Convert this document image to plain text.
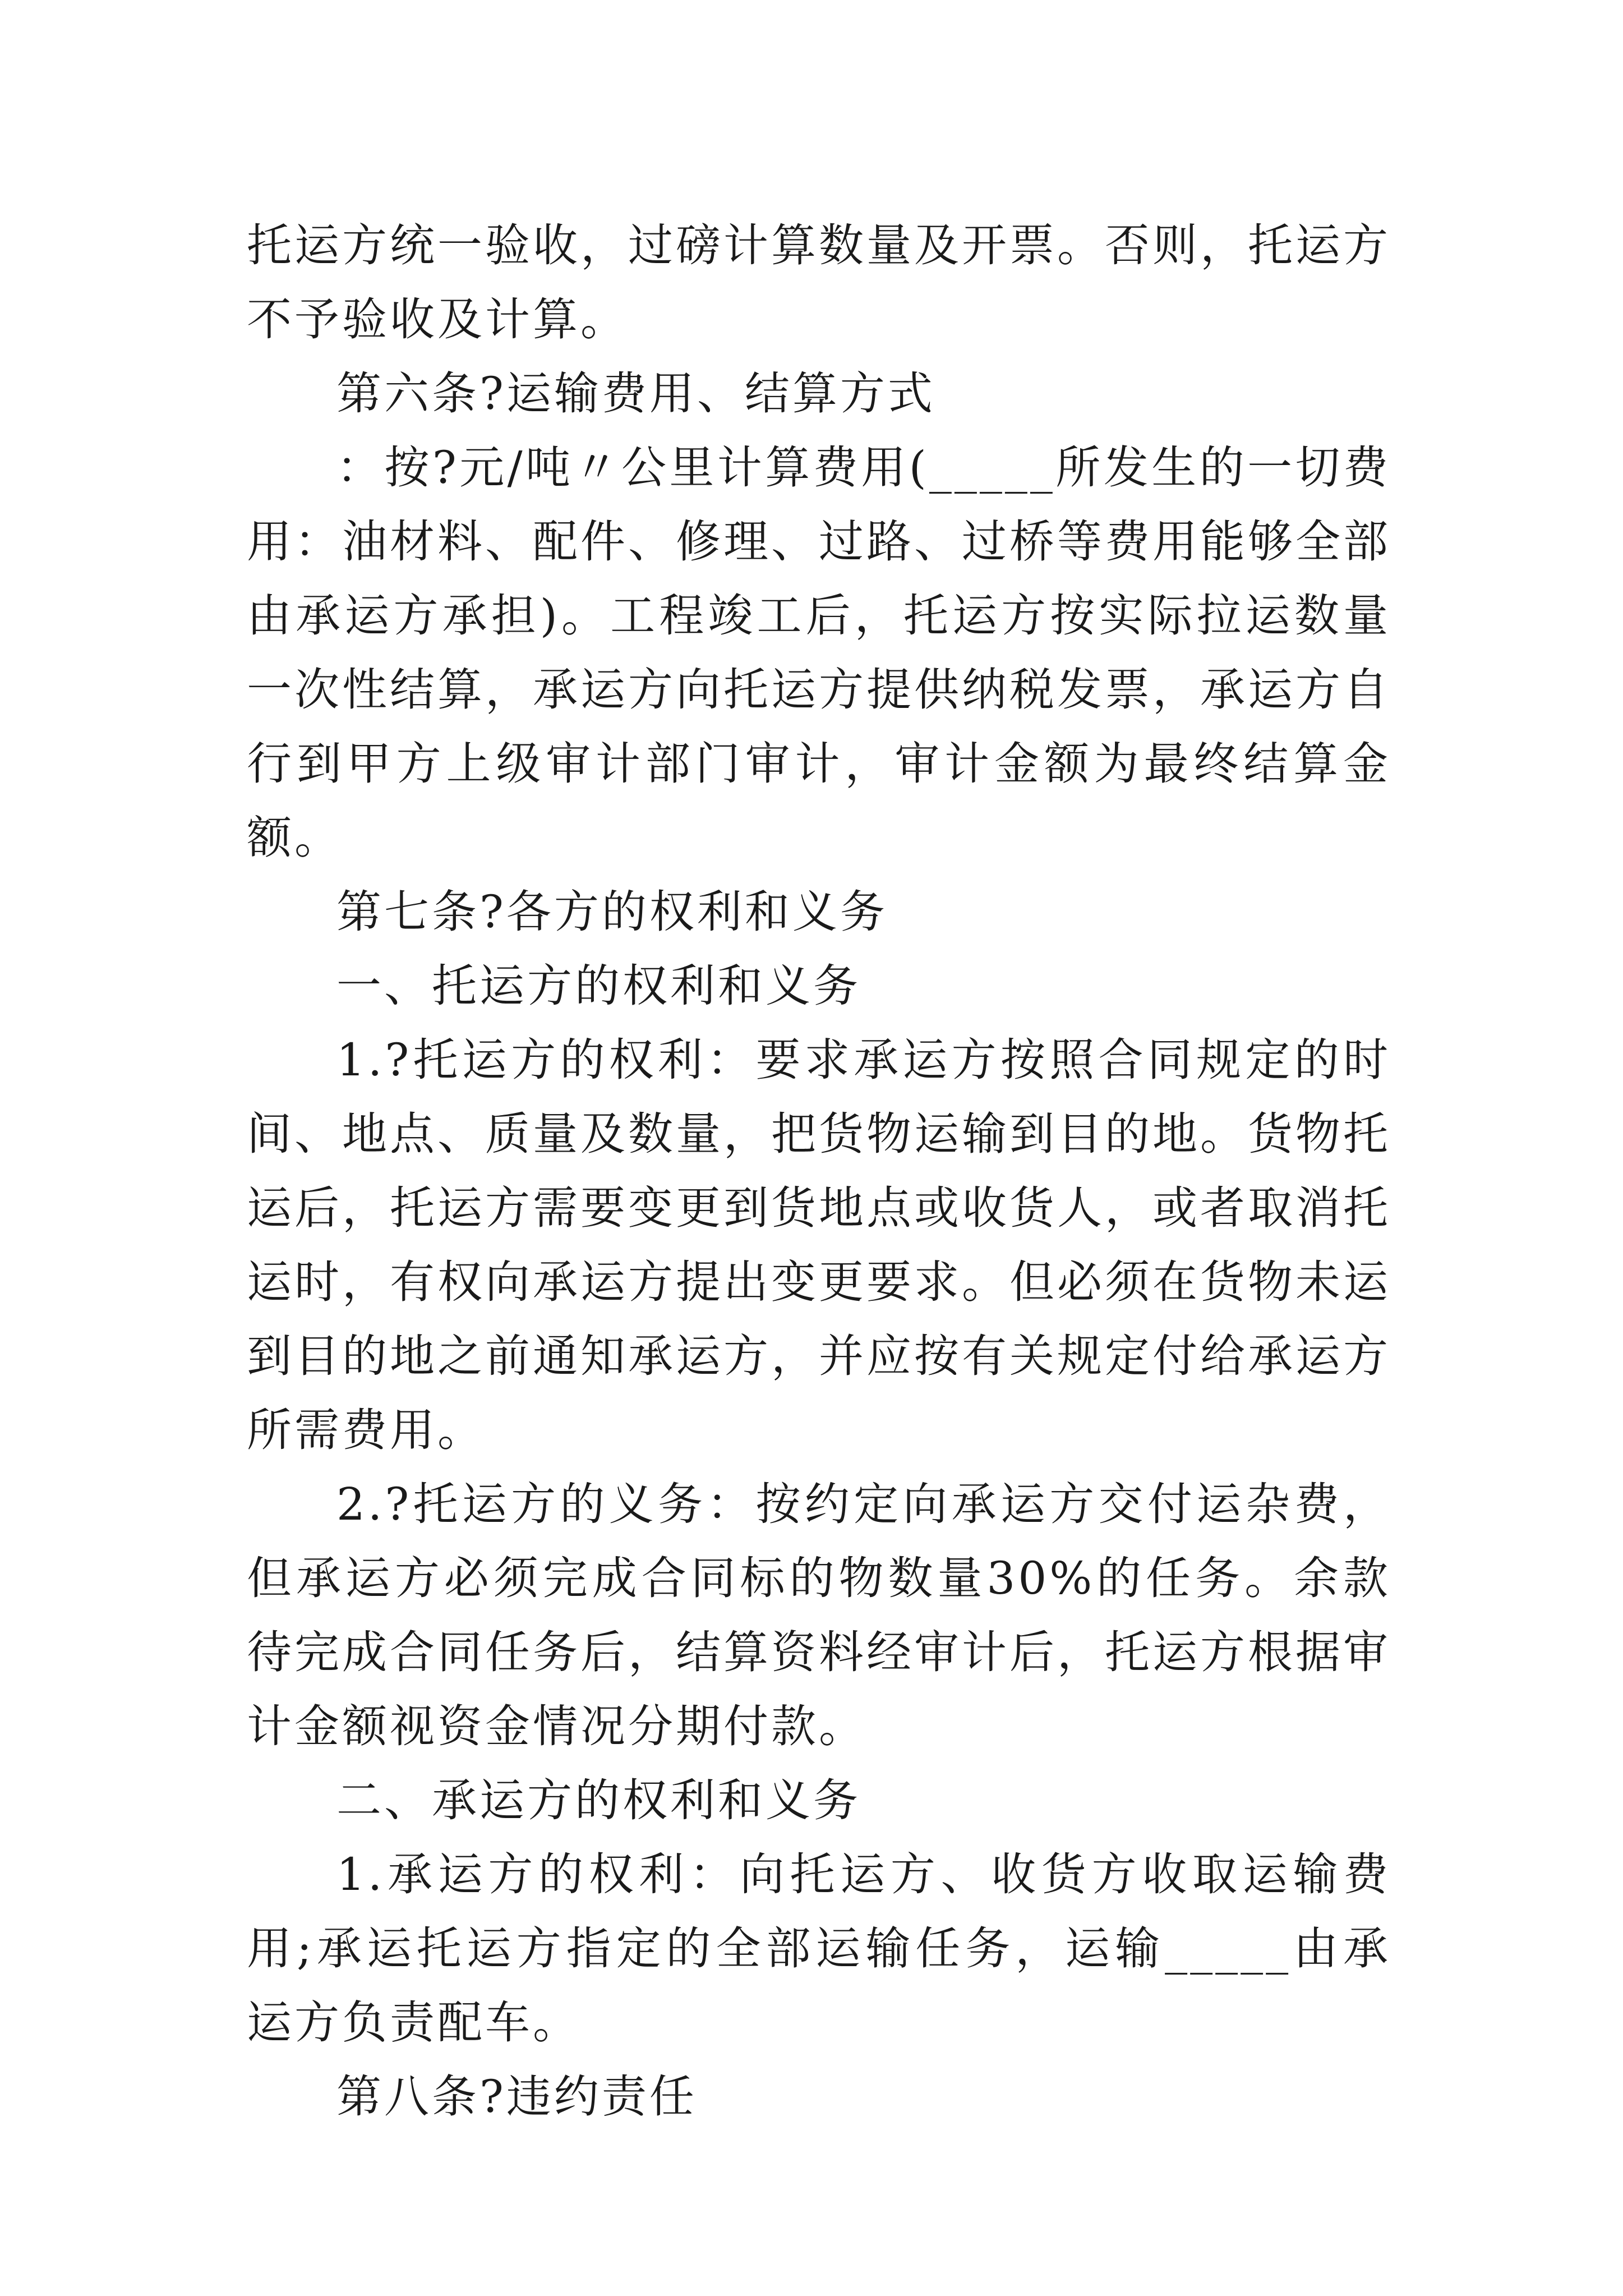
托运方统一验收，过磅计算数量及开票。否则，托运方不予验收及计算。

第六条?运输费用、结算方式

：按?元/吨〃公里计算费用(_____所发生的一切费用：油材料、配件、修理、过路、过桥等费用能够全部由承运方承担)。工程竣工后，托运方按实际拉运数量一次性结算，承运方向托运方提供纳税发票，承运方自行到甲方上级审计部门审计，审计金额为最终结算金额。

第七条?各方的权利和义务

一、托运方的权利和义务

1.?托运方的权利：要求承运方按照合同规定的时间、地点、质量及数量，把货物运输到目的地。货物托运后，托运方需要变更到货地点或收货人，或者取消托运时，有权向承运方提出变更要求。但必须在货物未运到目的地之前通知承运方，并应按有关规定付给承运方所需费用。

2.?托运方的义务：按约定向承运方交付运杂费，但承运方必须完成合同标的物数量30%的任务。余款待完成合同任务后，结算资料经审计后，托运方根据审计金额视资金情况分期付款。

二、承运方的权利和义务

1.承运方的权利：向托运方、收货方收取运输费用;承运托运方指定的全部运输任务，运输_____由承运方负责配车。

第八条?违约责任
